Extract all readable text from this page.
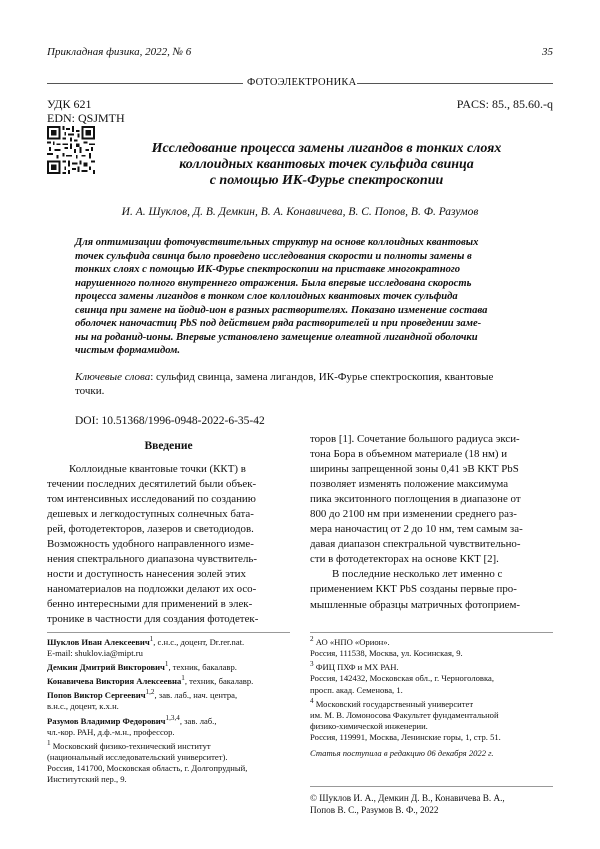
Прикладная физика, 2022, № 6	35
ФОТОЭЛЕКТРОНИКА
УДК 621
EDN: QSJMTH
PACS: 85., 85.60.-q
Исследование процесса замены лигандов в тонких слоях
коллоидных квантовых точек сульфида свинца
с помощью ИК-Фурье спектроскопии
И. А. Шуклов, Д. В. Демкин, В. А. Конавичева, В. С. Попов, В. Ф. Разумов
Для оптимизации фоточувствительных структур на основе коллоидных квантовых
точек сульфида свинца было проведено исследования скорости и полноты замены в
тонких слоях с помощью ИК-Фурье спектроскопии на приставке многократного
нарушенного полного внутреннего отражения. Была впервые исследована скорость
процесса замены лигандов в тонком слое коллоидных квантовых точек сульфида
свинца при замене на йодид-ион в разных растворителях. Показано изменение состава
оболочек наночастиц PbS под действием ряда растворителей и при проведении заме-
ны на роданид-ионы. Впервые установлено замещение олеатной лигандной оболочки
чистым формамидом.
Ключевые слова: сульфид свинца, замена лигандов, ИК-Фурье спектроскопия, квантовые
точки.
DOI: 10.51368/1996-0948-2022-6-35-42
Введение
Коллоидные квантовые точки (ККТ) в
течении последних десятилетий были объек-
том интенсивных исследований по созданию
дешевых и легкодоступных солнечных бата-
рей, фотодетекторов, лазеров и светодиодов.
Возможность удобного направленного изме-
нения спектрального диапазона чувствитель-
ности и доступность нанесения золей этих
наноматериалов на подложки делают их осо-
бенно интересными для применений в элек-
тронике в частности для создания фотодетек-
торов [1]. Сочетание большого радиуса экси-
тона Бора в объемном материале (18 нм) и
ширины запрещенной зоны 0,41 эВ ККТ PbS
позволяет изменять положение максимума
пика экситонного поглощения в диапазоне от
800 до 2100 нм при изменении среднего раз-
мера наночастиц от 2 до 10 нм, тем самым за-
давая диапазон спектральной чувствительно-
сти в фотодетекторах на основе ККТ [2].
В последние несколько лет именно с
применением ККТ PbS созданы первые про-
мышленные образцы матричных фотоприем-

Шуклов Иван Алексеевич$^1$, с.н.с., доцент, Dr.rer.nat.

E-mail: shuklov.ia@mipt.ru

Демкин Дмитрий Викторович$^1$, техник, бакалавр.

Конавичева Виктория Алексеевна$^1$, техник, бакалавр.

Попов Виктор Сергеевич$^{1,2}$, зав. лаб., нач. центра,

в.н.с., доцент, к.х.н.

Разумов Владимир Федорович$^{1,3,4}$, зав. лаб.,

чл.-кор. РАН, д.ф.-м.н., профессор.

$^1$ Московский физико-технический институт

(национальный исследовательский университет).

Россия, 141700, Московская область, г. Долгопрудный,

Институтский пер., 9.

$^2$ АО «НПО «Орион».

Россия, 111538, Москва, ул. Косинская, 9.

$^3$ ФИЦ ПХФ и МХ РАН.

Россия, 142432, Московская обл., г. Черноголовка,

просп. акад. Семенова, 1.

$^4$ Московский государственный университет

им. М. В. Ломоносова Факультет фундаментальной

физико-химической инженерии.

Россия, 119991, Москва, Ленинские горы, 1, стр. 51.

Статья поступила в редакцию 06 декабря 2022 г.

© Шуклов И. А., Демкин Д. В., Конавичева В. А.,
Попов В. С., Разумов В. Ф., 2022
